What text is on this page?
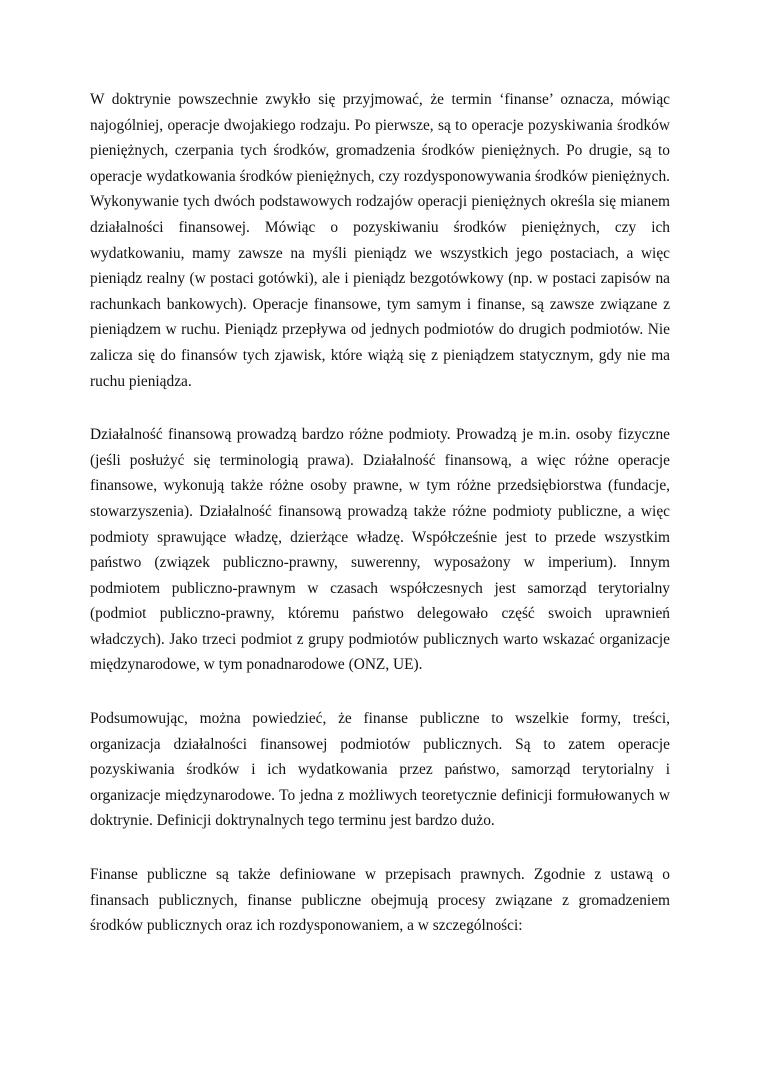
W doktrynie powszechnie zwykło się przyjmować, że termin ‘finanse’ oznacza, mówiąc najogólniej, operacje dwojakiego rodzaju. Po pierwsze, są to operacje pozyskiwania środków pieniężnych, czerpania tych środków, gromadzenia środków pieniężnych. Po drugie, są to operacje wydatkowania środków pieniężnych, czy rozdysponowywania środków pieniężnych. Wykonywanie tych dwóch podstawowych rodzajów operacji pieniężnych określa się mianem działalności finansowej. Mówiąc o pozyskiwaniu środków pieniężnych, czy ich wydatkowaniu, mamy zawsze na myśli pieniądz we wszystkich jego postaciach, a więc pieniądz realny (w postaci gotówki), ale i pieniądz bezgotówkowy (np. w postaci zapisów na rachunkach bankowych). Operacje finansowe, tym samym i finanse, są zawsze związane z pieniądzem w ruchu. Pieniądz przepływa od jednych podmiotów do drugich podmiotów. Nie zalicza się do finansów tych zjawisk, które wiążą się z pieniądzem statycznym, gdy nie ma ruchu pieniądza.

Działalność finansową prowadzą bardzo różne podmioty. Prowadzą je m.in. osoby fizyczne (jeśli posłużyć się terminologią prawa). Działalność finansową, a więc różne operacje finansowe, wykonują także różne osoby prawne, w tym różne przedsiębiorstwa (fundacje, stowarzyszenia). Działalność finansową prowadzą także różne podmioty publiczne, a więc podmioty sprawujące władzę, dzierżące władzę. Współcześnie jest to przede wszystkim państwo (związek publiczno-prawny, suwerenny, wyposażony w imperium). Innym podmiotem publiczno-prawnym w czasach współczesnych jest samorząd terytorialny (podmiot publiczno-prawny, któremu państwo delegowało część swoich uprawnień władczych). Jako trzeci podmiot z grupy podmiotów publicznych warto wskazać organizacje międzynarodowe, w tym ponadnarodowe (ONZ, UE).

Podsumowując, można powiedzieć, że finanse publiczne to wszelkie formy, treści, organizacja działalności finansowej podmiotów publicznych. Są to zatem operacje pozyskiwania środków i ich wydatkowania przez państwo, samorząd terytorialny i organizacje międzynarodowe. To jedna z możliwych teoretycznie definicji formułowanych w doktrynie. Definicji doktrynalnych tego terminu jest bardzo dużo.

Finanse publiczne są także definiowane w przepisach prawnych. Zgodnie z ustawą o finansach publicznych, finanse publiczne obejmują procesy związane z gromadzeniem środków publicznych oraz ich rozdysponowaniem, a w szczególności:
